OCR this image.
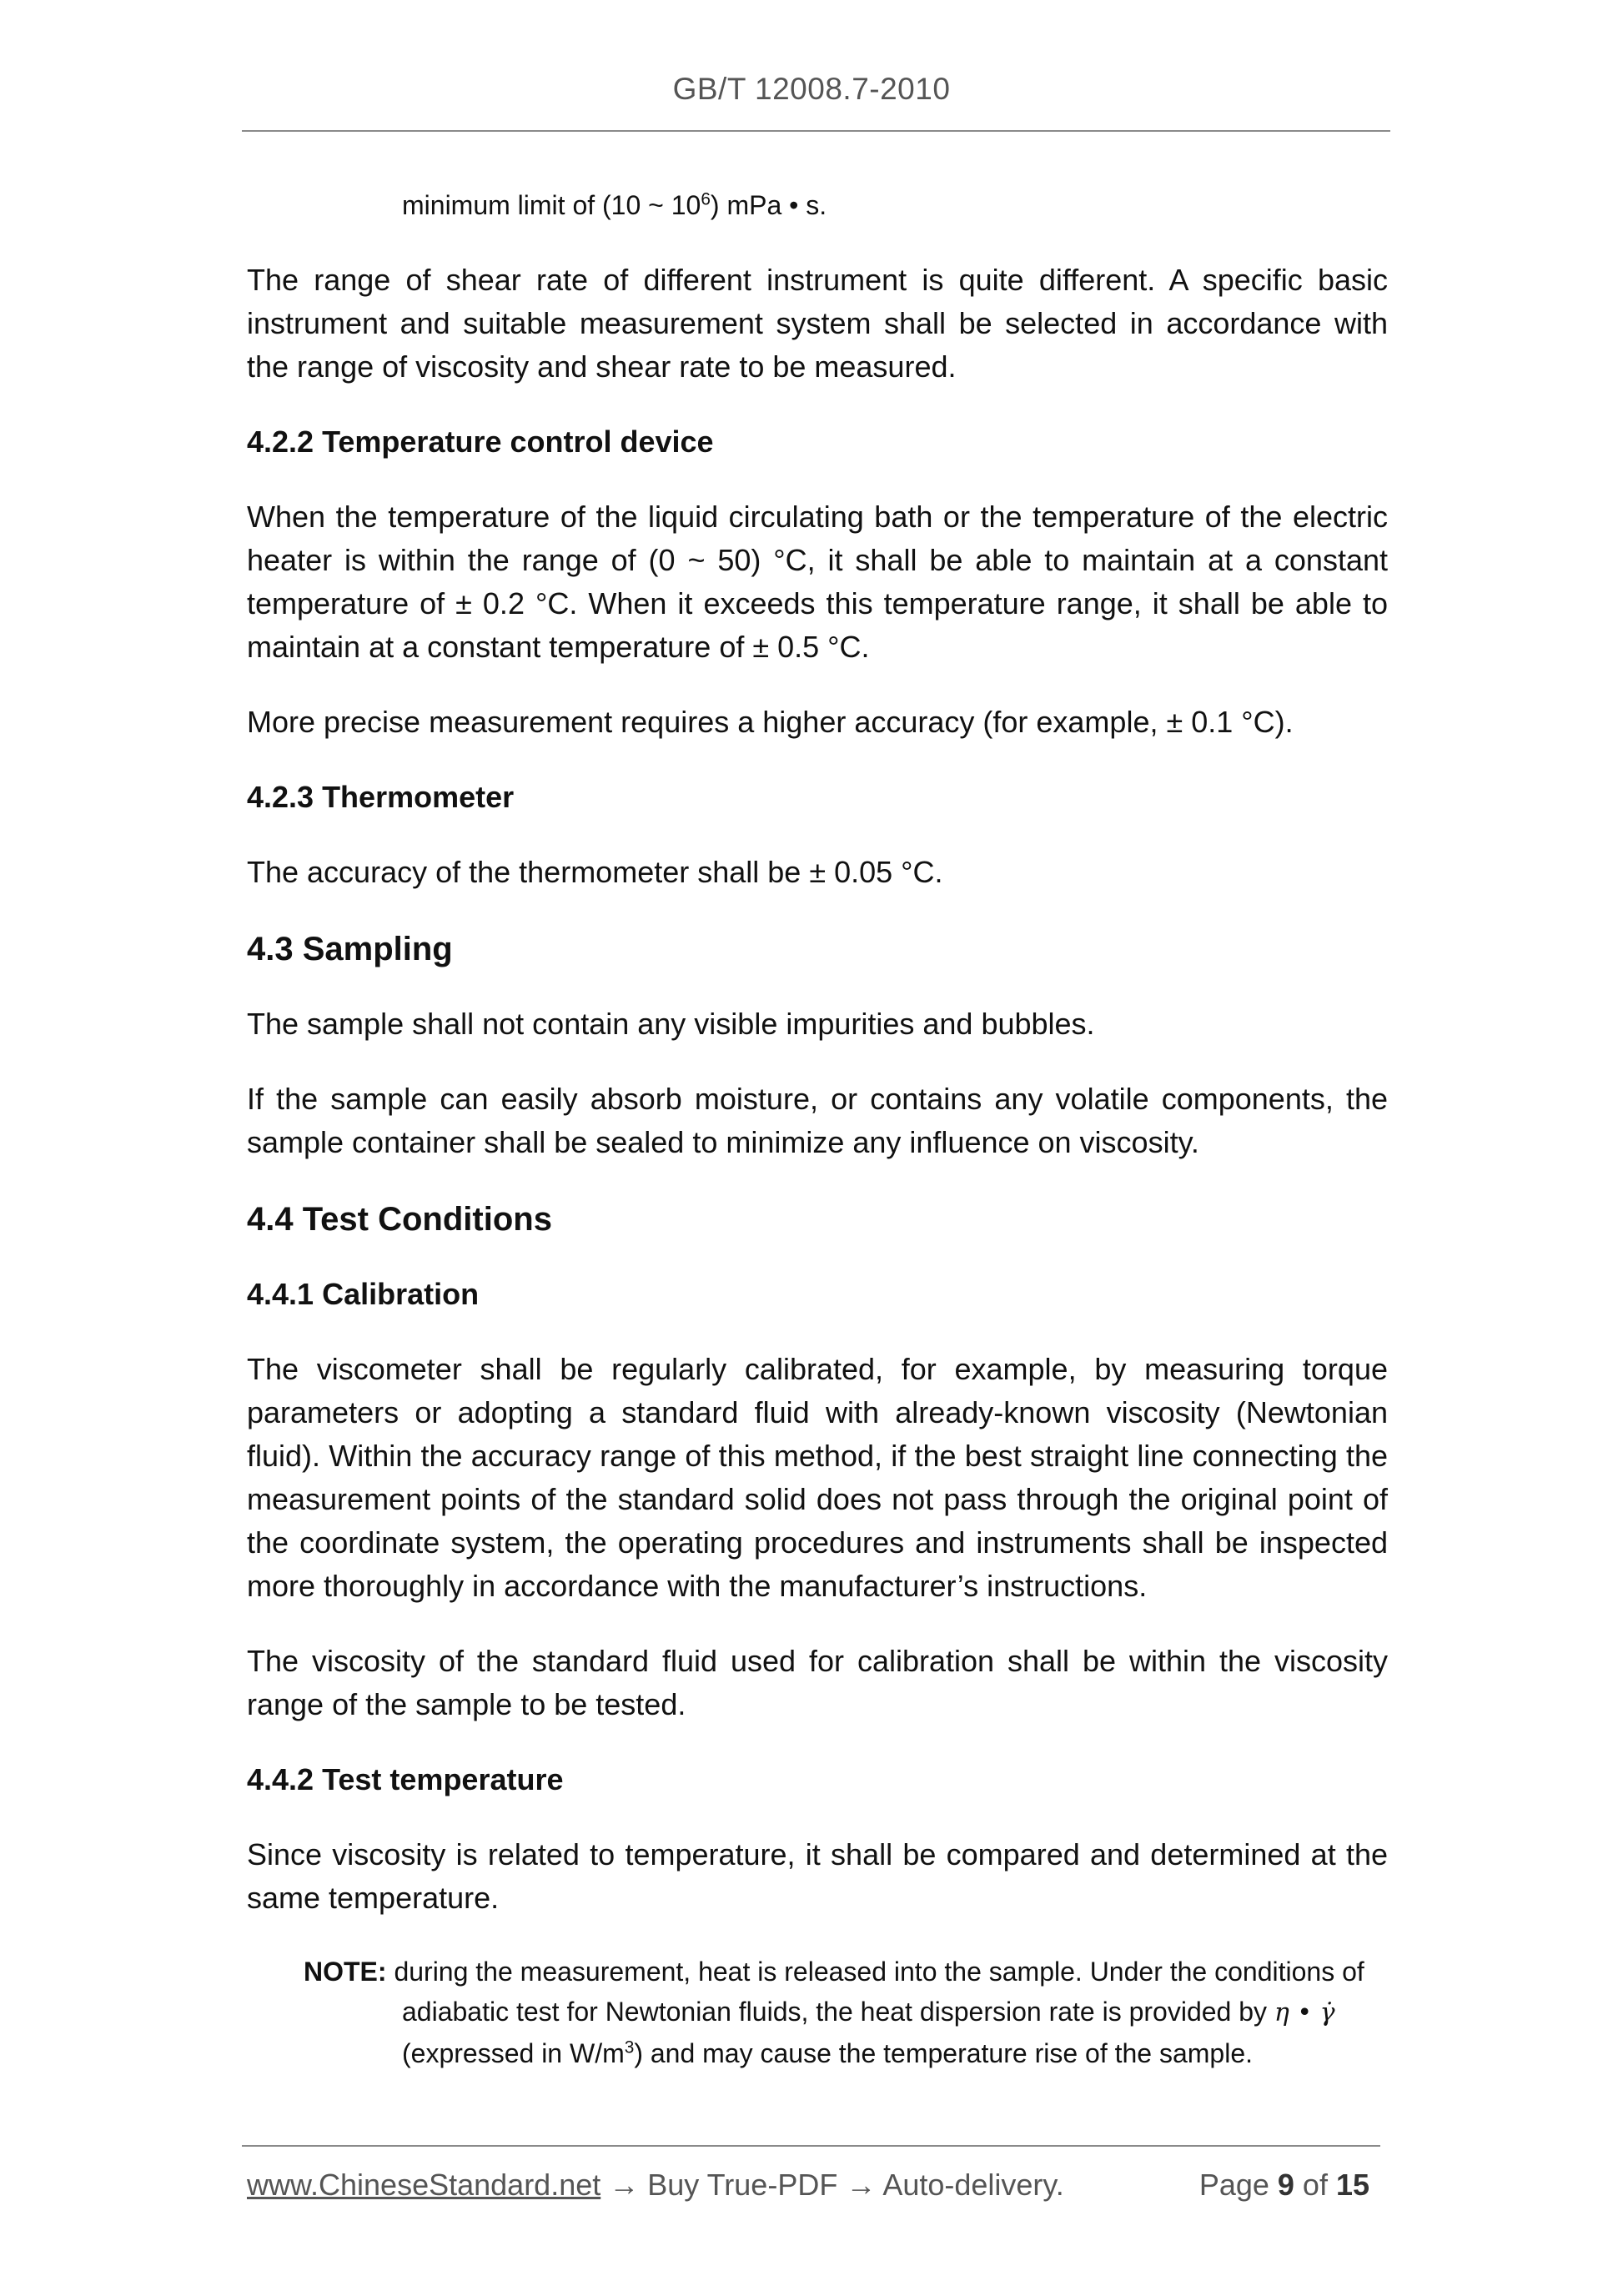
GB/T 12008.7-2010
minimum limit of (10 ~ $10^6$) mPa • s.

The range of shear rate of different instrument is quite different. A specific basic instrument and suitable measurement system shall be selected in accordance with the range of viscosity and shear rate to be measured.

4.2.2 Temperature control device

When the temperature of the liquid circulating bath or the temperature of the electric heater is within the range of (0 ~ 50) °C, it shall be able to maintain at a constant temperature of ± 0.2 °C. When it exceeds this temperature range, it shall be able to maintain at a constant temperature of ± 0.5 °C.

More precise measurement requires a higher accuracy (for example, ± 0.1 °C).

4.2.3 Thermometer

The accuracy of the thermometer shall be ± 0.05 °C.

4.3 Sampling

The sample shall not contain any visible impurities and bubbles.

If the sample can easily absorb moisture, or contains any volatile components, the sample container shall be sealed to minimize any influence on viscosity.

4.4 Test Conditions
4.4.1 Calibration

The viscometer shall be regularly calibrated, for example, by measuring torque parameters or adopting a standard fluid with already-known viscosity (Newtonian fluid). Within the accuracy range of this method, if the best straight line connecting the measurement points of the standard solid does not pass through the original point of the coordinate system, the operating procedures and instruments shall be inspected more thoroughly in accordance with the manufacturer’s instructions.

The viscosity of the standard fluid used for calibration shall be within the viscosity range of the sample to be tested.

4.4.2 Test temperature

Since viscosity is related to temperature, it shall be compared and determined at the same temperature.

NOTE: during the measurement, heat is released into the sample. Under the conditions of
adiabatic test for Newtonian fluids, the heat dispersion rate is provided by η • γ̇
(expressed in $W/m^3$) and may cause the temperature rise of the sample.
www.ChineseStandard.net → Buy True-PDF → Auto-delivery.	Page 9 of 15
